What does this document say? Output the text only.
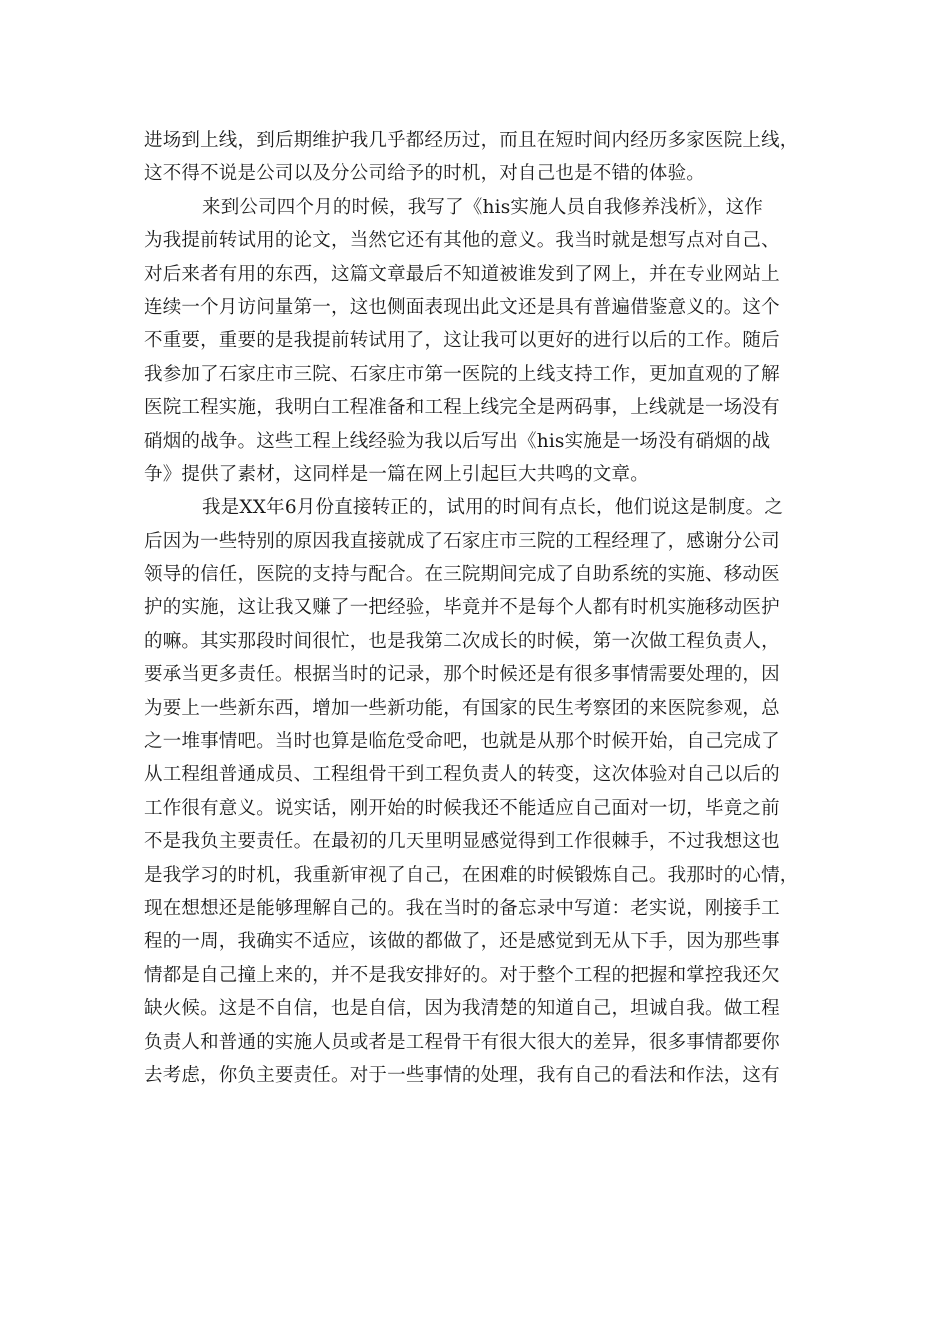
进场到上线，到后期维护我几乎都经历过，而且在短时间内经历多家医院上线，
这不得不说是公司以及分公司给予的时机，对自己也是不错的体验。
来到公司四个月的时候，我写了《his实施人员自我修养浅析》，这作
为我提前转试用的论文，当然它还有其他的意义。我当时就是想写点对自己、
对后来者有用的东西，这篇文章最后不知道被谁发到了网上，并在专业网站上
连续一个月访问量第一，这也侧面表现出此文还是具有普遍借鉴意义的。这个
不重要，重要的是我提前转试用了，这让我可以更好的进行以后的工作。随后
我参加了石家庄市三院、石家庄市第一医院的上线支持工作，更加直观的了解
医院工程实施，我明白工程准备和工程上线完全是两码事，上线就是一场没有
硝烟的战争。这些工程上线经验为我以后写出《his实施是一场没有硝烟的战
争》提供了素材，这同样是一篇在网上引起巨大共鸣的文章。
我是XX年6月份直接转正的，试用的时间有点长，他们说这是制度。之
后因为一些特别的原因我直接就成了石家庄市三院的工程经理了，感谢分公司
领导的信任，医院的支持与配合。在三院期间完成了自助系统的实施、移动医
护的实施，这让我又赚了一把经验，毕竟并不是每个人都有时机实施移动医护
的嘛。其实那段时间很忙，也是我第二次成长的时候，第一次做工程负责人，
要承当更多责任。根据当时的记录，那个时候还是有很多事情需要处理的，因
为要上一些新东西，增加一些新功能，有国家的民生考察团的来医院参观，总
之一堆事情吧。当时也算是临危受命吧，也就是从那个时候开始，自己完成了
从工程组普通成员、工程组骨干到工程负责人的转变，这次体验对自己以后的
工作很有意义。说实话，刚开始的时候我还不能适应自己面对一切，毕竟之前
不是我负主要责任。在最初的几天里明显感觉得到工作很棘手，不过我想这也
是我学习的时机，我重新审视了自己，在困难的时候锻炼自己。我那时的心情，
现在想想还是能够理解自己的。我在当时的备忘录中写道：老实说，刚接手工
程的一周，我确实不适应，该做的都做了，还是感觉到无从下手，因为那些事
情都是自己撞上来的，并不是我安排好的。对于整个工程的把握和掌控我还欠
缺火候。这是不自信，也是自信，因为我清楚的知道自己，坦诚自我。做工程
负责人和普通的实施人员或者是工程骨干有很大很大的差异，很多事情都要你
去考虑，你负主要责任。对于一些事情的处理，我有自己的看法和作法，这有
